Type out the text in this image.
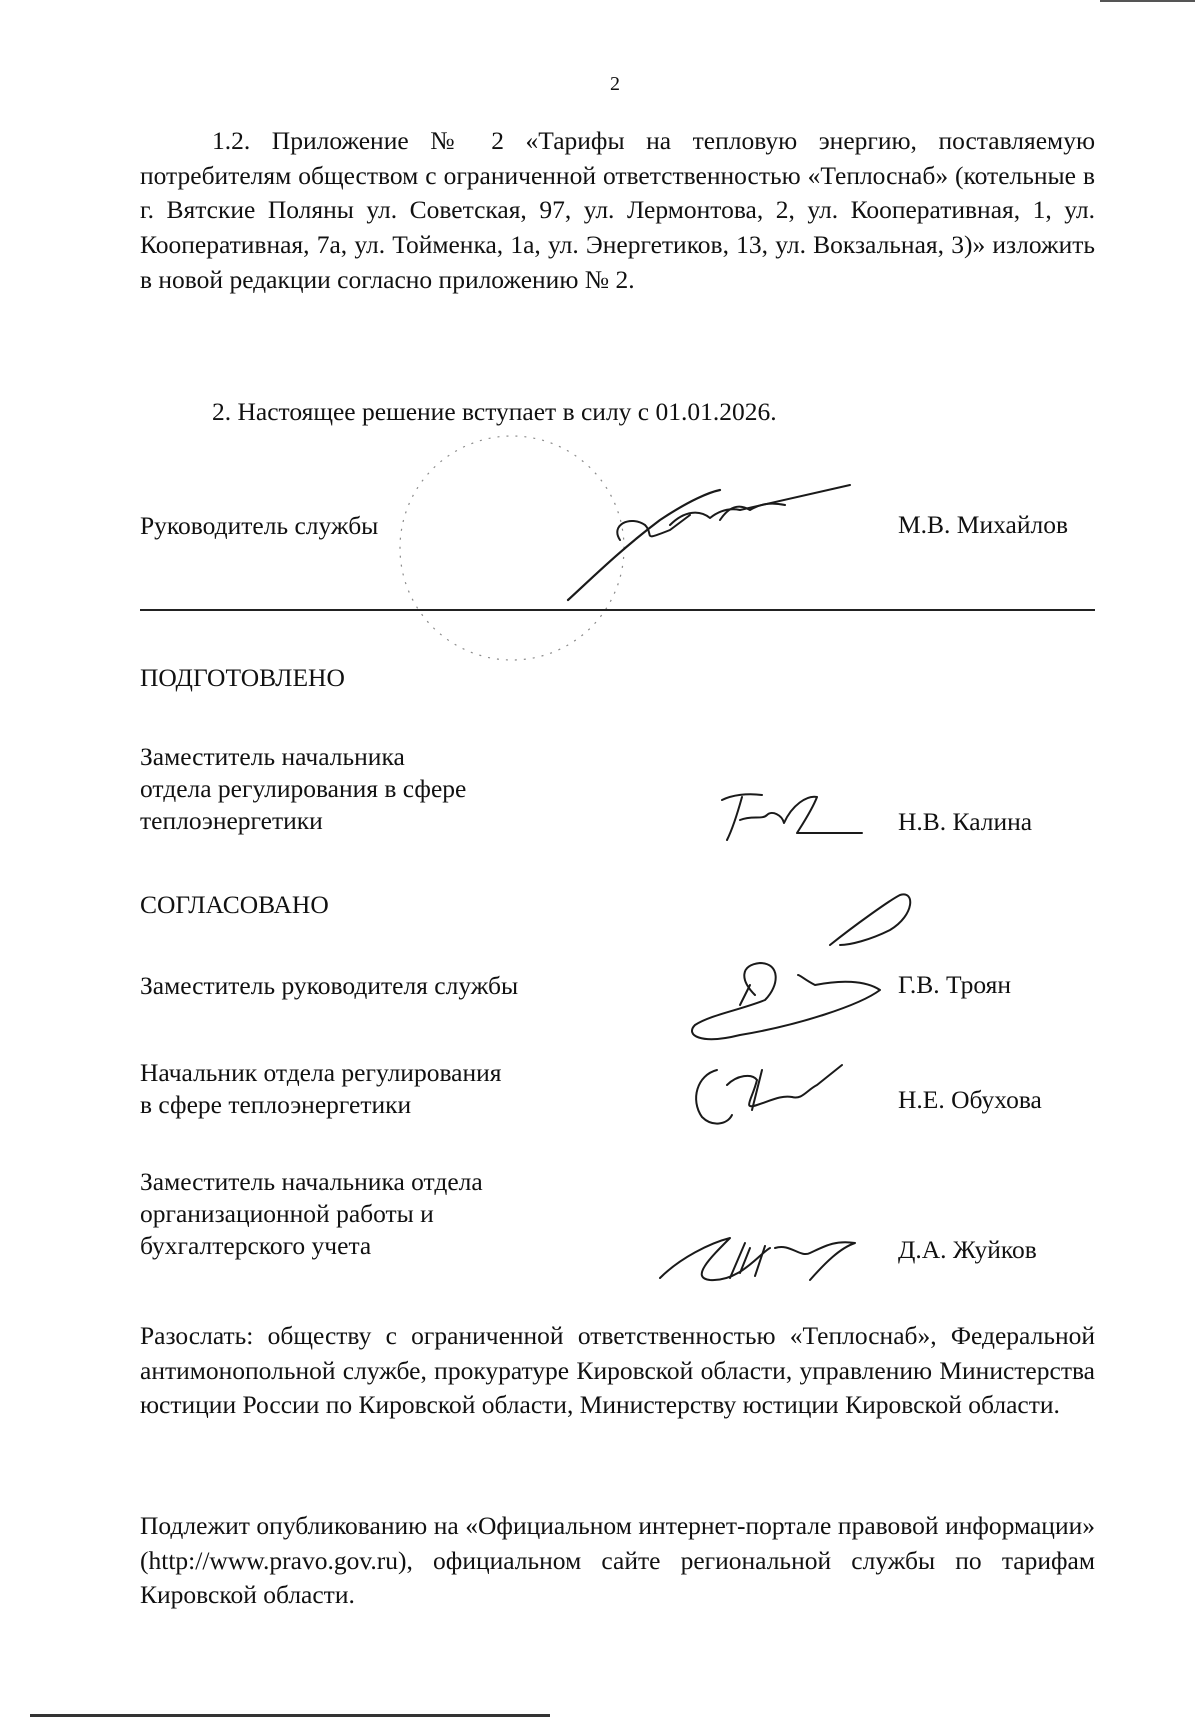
2
1.2. Приложение № 2 «Тарифы на тепловую энергию, поставляемую потребителям обществом с ограниченной ответственностью «Теплоснаб» (котельные в г. Вятские Поляны ул. Советская, 97, ул. Лермонтова, 2, ул. Кооперативная, 1, ул. Кооперативная, 7а, ул. Тойменка, 1а, ул. Энергетиков, 13, ул. Вокзальная, 3)» изложить в новой редакции согласно приложению № 2.
2. Настоящее решение вступает в силу с 01.01.2026.
Руководитель службы	М.В. Михайлов
ПОДГОТОВЛЕНО
Заместитель начальника
отдела регулирования в сфере
теплоэнергетики	Н.В. Калина
СОГЛАСОВАНО
Заместитель руководителя службы	Г.В. Троян
Начальник отдела регулирования
в сфере теплоэнергетики	Н.Е. Обухова
Заместитель начальника отдела
организационной работы и
бухгалтерского учета	Д.А. Жуйков
Разослать: обществу с ограниченной ответственностью «Теплоснаб», Федеральной антимонопольной службе, прокуратуре Кировской области, управлению Министерства юстиции России по Кировской области, Министерству юстиции Кировской области.
Подлежит опубликованию на «Официальном интернет-портале правовой информации» (http://www.pravo.gov.ru), официальном сайте региональной службы по тарифам Кировской области.
